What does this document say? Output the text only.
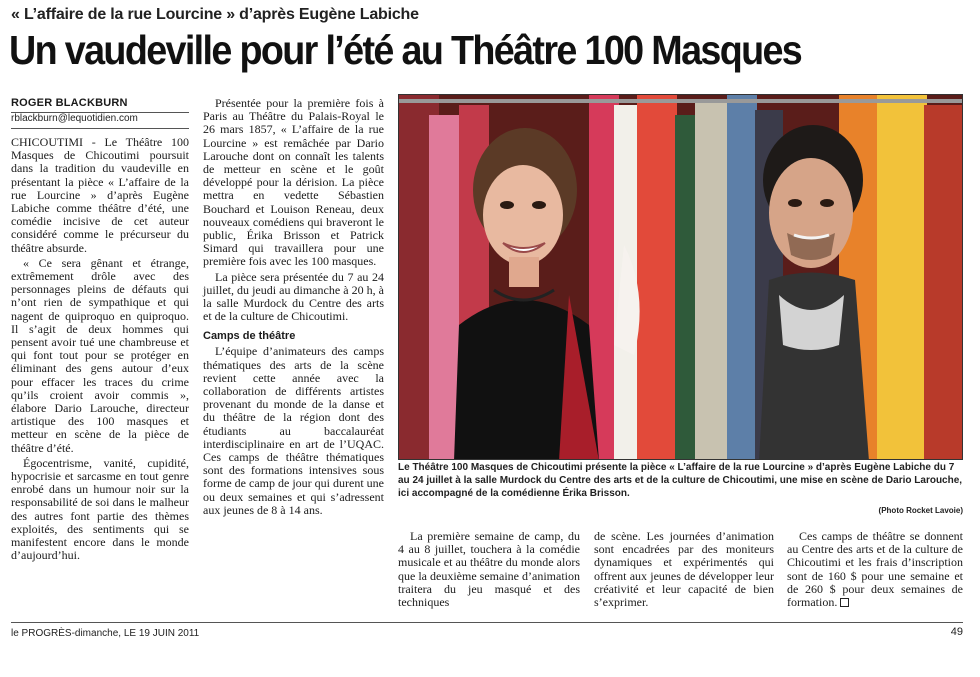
« L’affaire de la rue Lourcine » d’après Eugène Labiche
Un vaudeville pour l’été au Théâtre 100 Masques
ROGER BLACKBURN
rblackburn@lequotidien.com

CHICOUTIMI - Le Théâtre 100 Masques de Chicoutimi poursuit dans la tradition du vaudeville en présentant la pièce « L’affaire de la rue Lourcine » d’après Eugène Labiche comme théâtre d’été, une comédie incisive de cet auteur considéré comme le précurseur du théâtre absurde.

« Ce sera gênant et étrange, extrêmement drôle avec des personnages pleins de défauts qui n’ont rien de sympathique et qui nagent de quiproquo en quiproquo. Il s’agit de deux hommes qui pensent avoir tué une chambreuse et qui font tout pour se protéger en éliminant des gens autour d’eux pour effacer les traces du crime qu’ils croient avoir commis », élabore Dario Larouche, directeur artistique des 100 masques et metteur en scène de la pièce de théâtre d’été.

Égocentrisme, vanité, cupidité, hypocrisie et sarcasme en tout genre enrobé dans un humour noir sur la responsabilité de soi dans le malheur des autres font partie des thèmes exploités, des sentiments qui se manifestent encore dans le monde d’aujourd’hui.

Présentée pour la première fois à Paris au Théâtre du Palais-Royal le 26 mars 1857, « L’affaire de la rue Lourcine » est remâchée par Dario Larouche dont on connaît les talents de metteur en scène et le goût développé pour la dérision. La pièce mettra en vedette Sébastien Bouchard et Louison Reneau, deux nouveaux comédiens qui braveront le public, Érika Brisson et Patrick Simard qui travaillera pour une première fois avec les 100 masques.

La pièce sera présentée du 7 au 24 juillet, du jeudi au dimanche à 20 h, à la salle Murdock du Centre des arts et de la culture de Chicoutimi.

Camps de théâtre

L’équipe d’animateurs des camps thématiques des arts de la scène revient cette année avec la collaboration de différents artistes provenant du monde de la danse et du théâtre de la région dont des étudiants au baccalauréat interdisciplinaire en art de l’UQAC. Ces camps de théâtre thématiques sont des formations intensives sous forme de camp de jour qui durent une ou deux semaines et qui s’adressent aux jeunes de 8 à 14 ans.

Le Théâtre 100 Masques de Chicoutimi présente la pièce « L’affaire de la rue Lourcine » d’après Eugène Labiche du 7 au 24 juillet à la salle Murdock du Centre des arts et de la culture de Chicoutimi, une mise en scène de Dario Larouche, ici accompagné de la comédienne Érika Brisson.
(Photo Rocket Lavoie)

La première semaine de camp, du 4 au 8 juillet, touchera à la comédie musicale et au théâtre du monde alors que la deuxième semaine d’animation traitera du jeu masqué et des techniques

de scène. Les journées d’animation sont encadrées par des moniteurs dynamiques et expérimentés qui offrent aux jeunes de développer leur créativité et leur capacité de bien s’exprimer.

Ces camps de théâtre se donnent au Centre des arts et de la culture de Chicoutimi et les frais d’inscription sont de 160 $ pour une semaine et de 260 $ pour deux semaines de formation.

le PROGRÈS-dimanche, LE 19 JUIN 2011	49
